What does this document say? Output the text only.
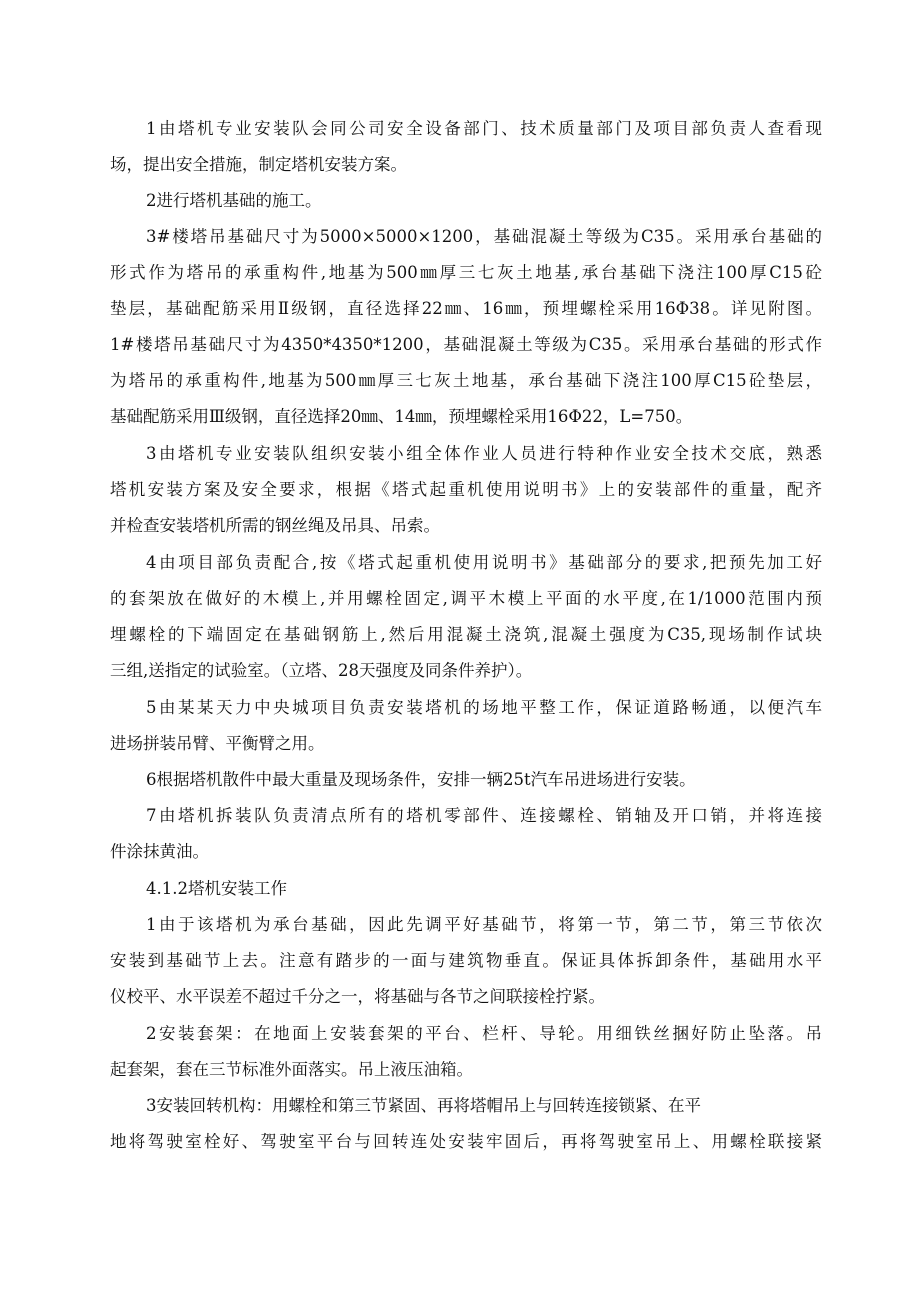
1由塔机专业安装队会同公司安全设备部门、技术质量部门及项目部负责人查看现
场，提出安全措施，制定塔机安装方案。
2进行塔机基础的施工。
3#楼塔吊基础尺寸为5000×5000×1200，基础混凝土等级为C35。采用承台基础的
形式作为塔吊的承重构件,地基为500㎜厚三七灰土地基,承台基础下浇注100厚C15砼
垫层，基础配筋采用Ⅱ级钢，直径选择22㎜、16㎜，预埋螺栓采用16Φ38。详见附图。
1#楼塔吊基础尺寸为4350*4350*1200，基础混凝土等级为C35。采用承台基础的形式作
为塔吊的承重构件,地基为500㎜厚三七灰土地基，承台基础下浇注100厚C15砼垫层，
基础配筋采用Ⅲ级钢，直径选择20㎜、14㎜，预埋螺栓采用16Φ22，L=750。
3由塔机专业安装队组织安装小组全体作业人员进行特种作业安全技术交底，熟悉
塔机安装方案及安全要求，根据《塔式起重机使用说明书》上的安装部件的重量，配齐
并检查安装塔机所需的钢丝绳及吊具、吊索。
4由项目部负责配合,按《塔式起重机使用说明书》基础部分的要求,把预先加工好
的套架放在做好的木模上,并用螺栓固定,调平木模上平面的水平度,在1/1000范围内预
埋螺栓的下端固定在基础钢筋上,然后用混凝土浇筑,混凝土强度为C35,现场制作试块
三组,送指定的试验室。（立塔、28天强度及同条件养护）。
5由某某天力中央城项目负责安装塔机的场地平整工作，保证道路畅通，以便汽车
进场拼装吊臂、平衡臂之用。
6根据塔机散件中最大重量及现场条件，安排一辆25t汽车吊进场进行安装。
7由塔机拆装队负责清点所有的塔机零部件、连接螺栓、销轴及开口销，并将连接
件涂抹黄油。
4.1.2塔机安装工作
1由于该塔机为承台基础，因此先调平好基础节，将第一节，第二节，第三节依次
安装到基础节上去。注意有踏步的一面与建筑物垂直。保证具体拆卸条件，基础用水平
仪校平、水平误差不超过千分之一，将基础与各节之间联接栓拧紧。
2安装套架：在地面上安装套架的平台、栏杆、导轮。用细铁丝捆好防止坠落。吊
起套架，套在三节标准外面落实。吊上液压油箱。
3安装回转机构：用螺栓和第三节紧固、再将塔帽吊上与回转连接锁紧、在平
地将驾驶室栓好、驾驶室平台与回转连处安装牢固后，再将驾驶室吊上、用螺栓联接紧
